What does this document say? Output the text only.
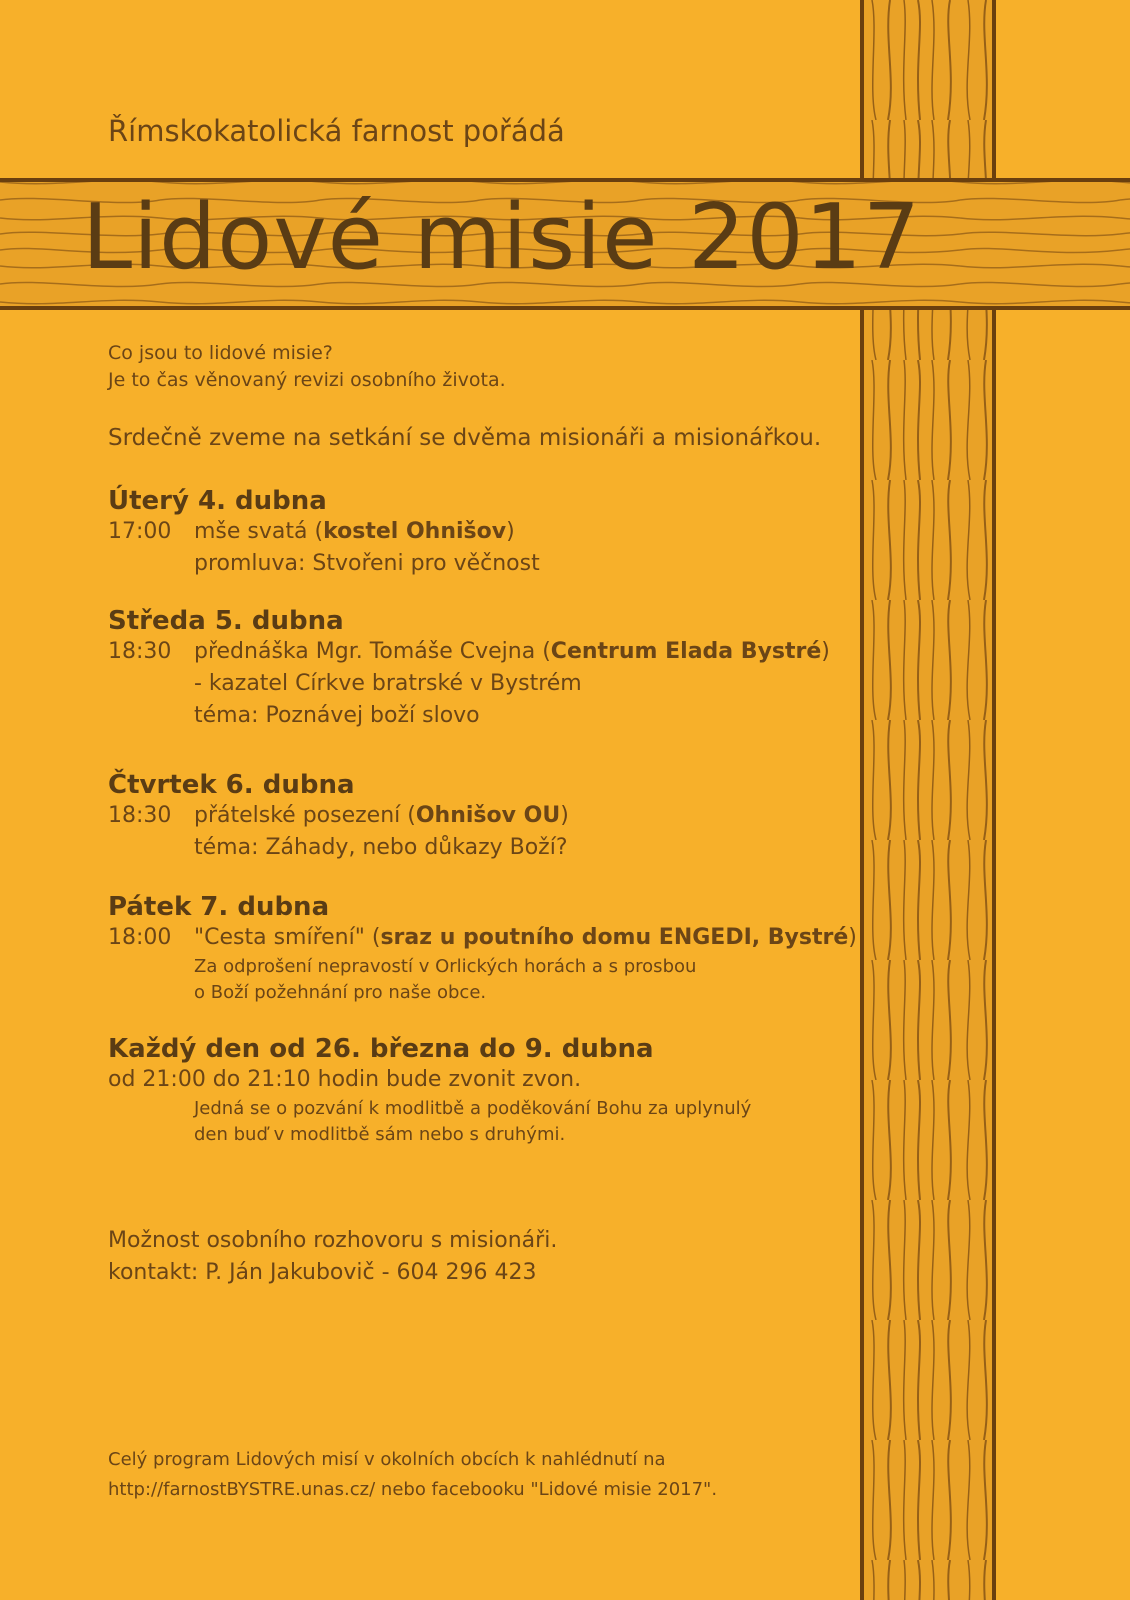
Římskokatolická farnost pořádá
Lidové misie 2017
Co jsou to lidové misie?
Je to čas věnovaný revizi osobního života.
Srdečně zveme na setkání se dvěma misionáři a misionářkou.
Úterý 4. dubna
17:00 mše svatá (kostel Ohnišov)
promluva: Stvořeni pro věčnost
Středa 5. dubna
18:30 přednáška Mgr. Tomáše Cvejna (Centrum Elada Bystré)
- kazatel Církve bratrské v Bystrém
téma: Poznávej boží slovo
Čtvrtek 6. dubna
18:30 přátelské posezení (Ohnišov OU)
téma: Záhady, nebo důkazy Boží?
Pátek 7. dubna
18:00 "Cesta smíření" (sraz u poutního domu ENGEDI, Bystré)
Za odprošení nepravostí v Orlických horách a s prosbou
o Boží požehnání pro naše obce.
Každý den od 26. března do 9. dubna
od 21:00 do 21:10 hodin bude zvonit zvon.
Jedná se o pozvání k modlitbě a poděkování Bohu za uplynulý
den buď v modlitbě sám nebo s druhými.
Možnost osobního rozhovoru s misionáři.
kontakt: P. Ján Jakubovič - 604 296 423
Celý program Lidových misí v okolních obcích k nahlédnutí na
http://farnostBYSTRE.unas.cz/ nebo facebooku "Lidové misie 2017".
